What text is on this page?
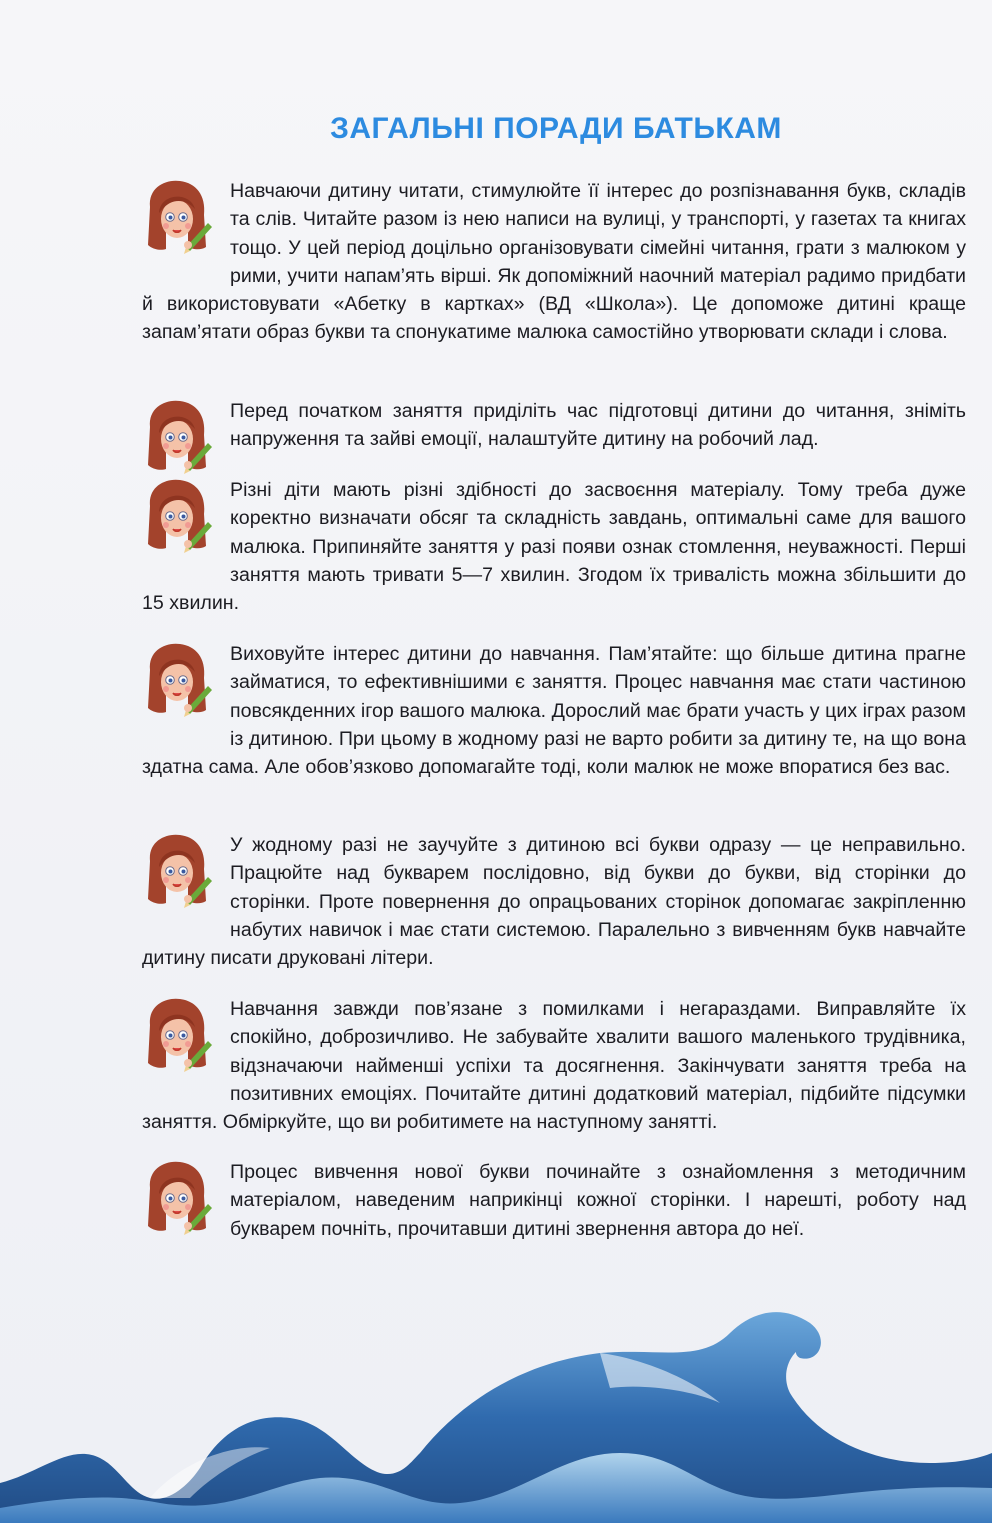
ЗАГАЛЬНІ ПОРАДИ БАТЬКАМ

Навчаючи дитину читати, стимулюйте її інтерес до розпізнавання букв, складів та слів. Читайте разом із нею написи на вулиці, у транспорті, у газетах та книгах тощо. У цей період доцільно організовувати сімейні читання, грати з малюком у рими, учити напам’ять вірші. Як допоміжний наочний матеріал радимо придбати й використовувати «Абетку в картках» (ВД «Школа»). Це допоможе дитині краще запам’ятати образ букви та спонукатиме малюка самостійно утворювати склади і слова.

Перед початком заняття приділіть час підготовці дитини до читання, зніміть напруження та зайві емоції, налаштуйте дитину на робочий лад.

Різні діти мають різні здібності до засвоєння матеріалу. Тому треба дуже коректно визначати обсяг та складність завдань, оптимальні саме для вашого малюка. Припиняйте заняття у разі появи ознак стомлення, неуважності. Перші заняття мають тривати 5—7 хвилин. Згодом їх тривалість можна збільшити до 15 хвилин.

Виховуйте інтерес дитини до навчання. Пам’ятайте: що більше дитина прагне займатися, то ефективнішими є заняття. Процес навчання має стати частиною повсякденних ігор вашого малюка. Дорослий має брати участь у цих іграх разом із дитиною. При цьому в жодному разі не варто робити за дитину те, на що вона здатна сама. Але обов’язково допомагайте тоді, коли малюк не може впоратися без вас.

У жодному разі не заучуйте з дитиною всі букви одразу — це неправильно. Працюйте над букварем послідовно, від букви до букви, від сторінки до сторінки. Проте повернення до опрацьованих сторінок допомагає закріпленню набутих навичок і має стати системою. Паралельно з вивченням букв навчайте дитину писати друковані літери.

Навчання завжди пов’язане з помилками і негараздами. Виправляйте їх спокійно, доброзичливо. Не забувайте хвалити вашого маленького трудівника, відзначаючи найменші успіхи та досягнення. Закінчувати заняття треба на позитивних емоціях. Почитайте дитині додатковий матеріал, підбийте підсумки заняття. Обміркуйте, що ви робитимете на наступному занятті.

Процес вивчення нової букви починайте з ознайомлення з методичним матеріалом, наведеним наприкінці кожної сторінки. І нарешті, роботу над букварем почніть, прочитавши дитині звернення автора до неї.
